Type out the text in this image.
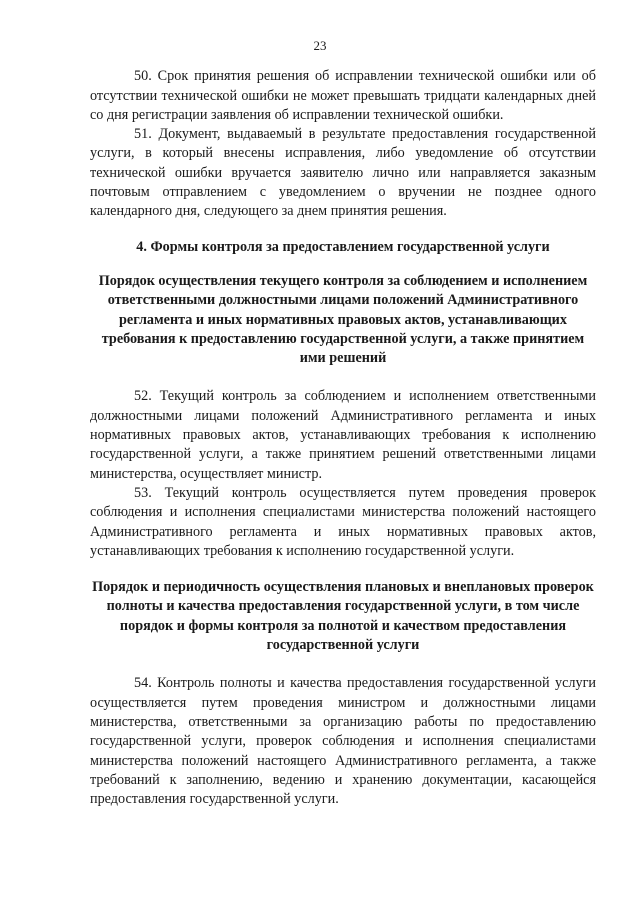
23

50. Срок принятия решения об исправлении технической ошибки или об отсутствии технической ошибки не может превышать тридцати календарных дней со дня регистрации заявления об исправлении технической ошибки.

51. Документ, выдаваемый в результате предоставления государственной услуги, в который внесены исправления, либо уведомление об отсутствии технической ошибки вручается заявителю лично или направляется заказным почтовым отправлением с уведомлением о вручении не позднее одного календарного дня, следующего за днем принятия решения.

4. Формы контроля за предоставлением государственной услуги

Порядок осуществления текущего контроля за соблюдением и исполнением ответственными должностными лицами положений Административного регламента и иных нормативных правовых актов, устанавливающих требования к предоставлению государственной услуги, а также принятием ими решений

52. Текущий контроль за соблюдением и исполнением ответственными должностными лицами положений Административного регламента и иных нормативных правовых актов, устанавливающих требования к исполнению государственной услуги, а также принятием решений ответственными лицами министерства, осуществляет министр.

53. Текущий контроль осуществляется путем проведения проверок соблюдения и исполнения специалистами министерства положений настоящего Административного регламента и иных нормативных правовых актов, устанавливающих требования к исполнению государственной услуги.

Порядок и периодичность осуществления плановых и внеплановых проверок полноты и качества предоставления государственной услуги, в том числе порядок и формы контроля за полнотой и качеством предоставления государственной услуги

54. Контроль полноты и качества предоставления государственной услуги осуществляется путем проведения министром и должностными лицами министерства, ответственными за организацию работы по предоставлению государственной услуги, проверок соблюдения и исполнения специалистами министерства положений настоящего Административного регламента, а также требований к заполнению, ведению и хранению документации, касающейся предоставления государственной услуги.
